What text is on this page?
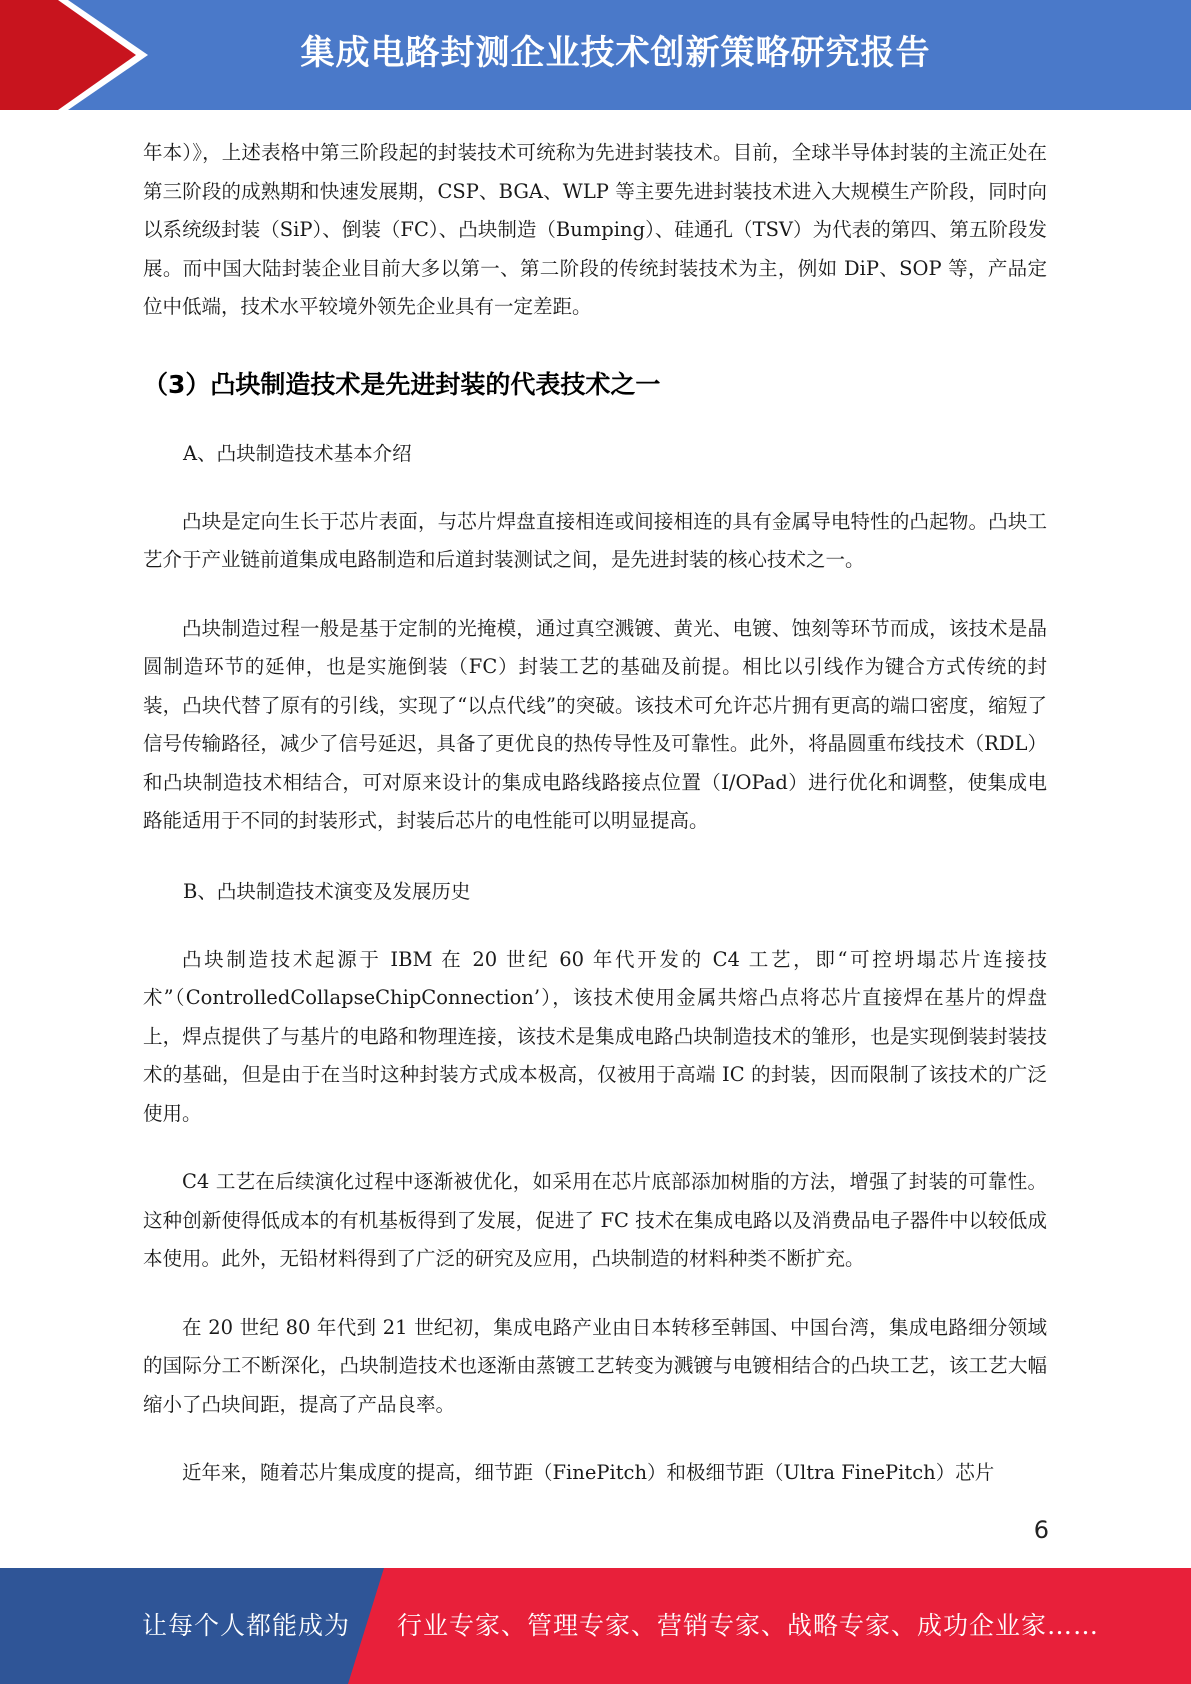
集成电路封测企业技术创新策略研究报告

年本）》，上述表格中第三阶段起的封装技术可统称为先进封装技术。目前，全球半导体封装的主流正处在第三阶段的成熟期和快速发展期，CSP、BGA、WLP 等主要先进封装技术进入大规模生产阶段，同时向以系统级封装（SiP）、倒装（FC）、凸块制造（Bumping）、硅通孔（TSV）为代表的第四、第五阶段发展。而中国大陆封装企业目前大多以第一、第二阶段的传统封装技术为主，例如 DiP、SOP 等，产品定位中低端，技术水平较境外领先企业具有一定差距。

（3）凸块制造技术是先进封装的代表技术之一

A、凸块制造技术基本介绍

凸块是定向生长于芯片表面，与芯片焊盘直接相连或间接相连的具有金属导电特性的凸起物。凸块工艺介于产业链前道集成电路制造和后道封装测试之间，是先进封装的核心技术之一。

凸块制造过程一般是基于定制的光掩模，通过真空溅镀、黄光、电镀、蚀刻等环节而成，该技术是晶圆制造环节的延伸，也是实施倒装（FC）封装工艺的基础及前提。相比以引线作为键合方式传统的封装，凸块代替了原有的引线，实现了“以点代线”的突破。该技术可允许芯片拥有更高的端口密度，缩短了信号传输路径，减少了信号延迟，具备了更优良的热传导性及可靠性。此外，将晶圆重布线技术（RDL）和凸块制造技术相结合，可对原来设计的集成电路线路接点位置（I/OPad）进行优化和调整，使集成电路能适用于不同的封装形式，封装后芯片的电性能可以明显提高。

B、凸块制造技术演变及发展历史

凸块制造技术起源于 IBM 在 20 世纪 60 年代开发的 C4 工艺，即“可控坍塌芯片连接技术”（ControlledCollapseChipConnection’），该技术使用金属共熔凸点将芯片直接焊在基片的焊盘上，焊点提供了与基片的电路和物理连接，该技术是集成电路凸块制造技术的雏形，也是实现倒装封装技术的基础，但是由于在当时这种封装方式成本极高，仅被用于高端 IC 的封装，因而限制了该技术的广泛使用。

C4 工艺在后续演化过程中逐渐被优化，如采用在芯片底部添加树脂的方法，增强了封装的可靠性。这种创新使得低成本的有机基板得到了发展，促进了 FC 技术在集成电路以及消费品电子器件中以较低成本使用。此外，无铅材料得到了广泛的研究及应用，凸块制造的材料种类不断扩充。

在 20 世纪 80 年代到 21 世纪初，集成电路产业由日本转移至韩国、中国台湾，集成电路细分领域的国际分工不断深化，凸块制造技术也逐渐由蒸镀工艺转变为溅镀与电镀相结合的凸块工艺，该工艺大幅缩小了凸块间距，提高了产品良率。

近年来，随着芯片集成度的提高，细节距（FinePitch）和极细节距（Ultra FinePitch）芯片

6
让每个人都能成为 行业专家、管理专家、营销专家、战略专家、成功企业家……
